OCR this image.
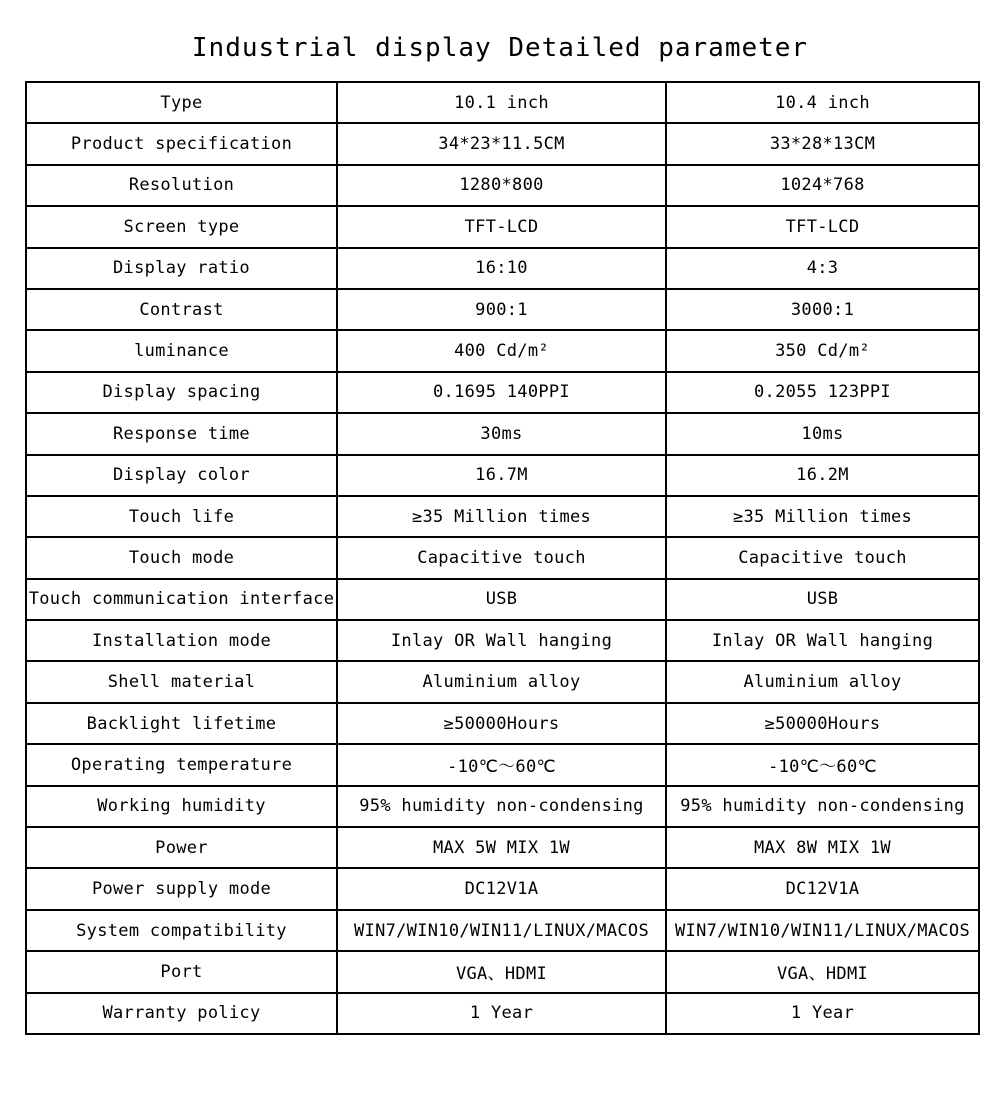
Industrial display Detailed parameter
Type	10.1 inch	10.4 inch
Product specification	34*23*11.5CM	33*28*13CM
Resolution	1280*800	1024*768
Screen type	TFT-LCD	TFT-LCD
Display ratio	16:10	4:3
Contrast	900:1	3000:1
luminance	400 Cd/m²	350 Cd/m²
Display spacing	0.1695 140PPI	0.2055 123PPI
Response time	30ms	10ms
Display color	16.7M	16.2M
Touch life	≥35 Million times	≥35 Million times
Touch mode	Capacitive touch	Capacitive touch
Touch communication interface	USB	USB
Installation mode	Inlay OR Wall hanging	Inlay OR Wall hanging
Shell material	Aluminium alloy	Aluminium alloy
Backlight lifetime	≥50000Hours	≥50000Hours
Operating temperature	-10℃～60℃	-10℃～60℃
Working humidity	95% humidity non-condensing	95% humidity non-condensing
Power	MAX 5W MIX 1W	MAX 8W MIX 1W
Power supply mode	DC12V1A	DC12V1A
System compatibility	WIN7/WIN10/WIN11/LINUX/MACOS	WIN7/WIN10/WIN11/LINUX/MACOS
Port	VGA、HDMI	VGA、HDMI
Warranty policy	1 Year	1 Year
